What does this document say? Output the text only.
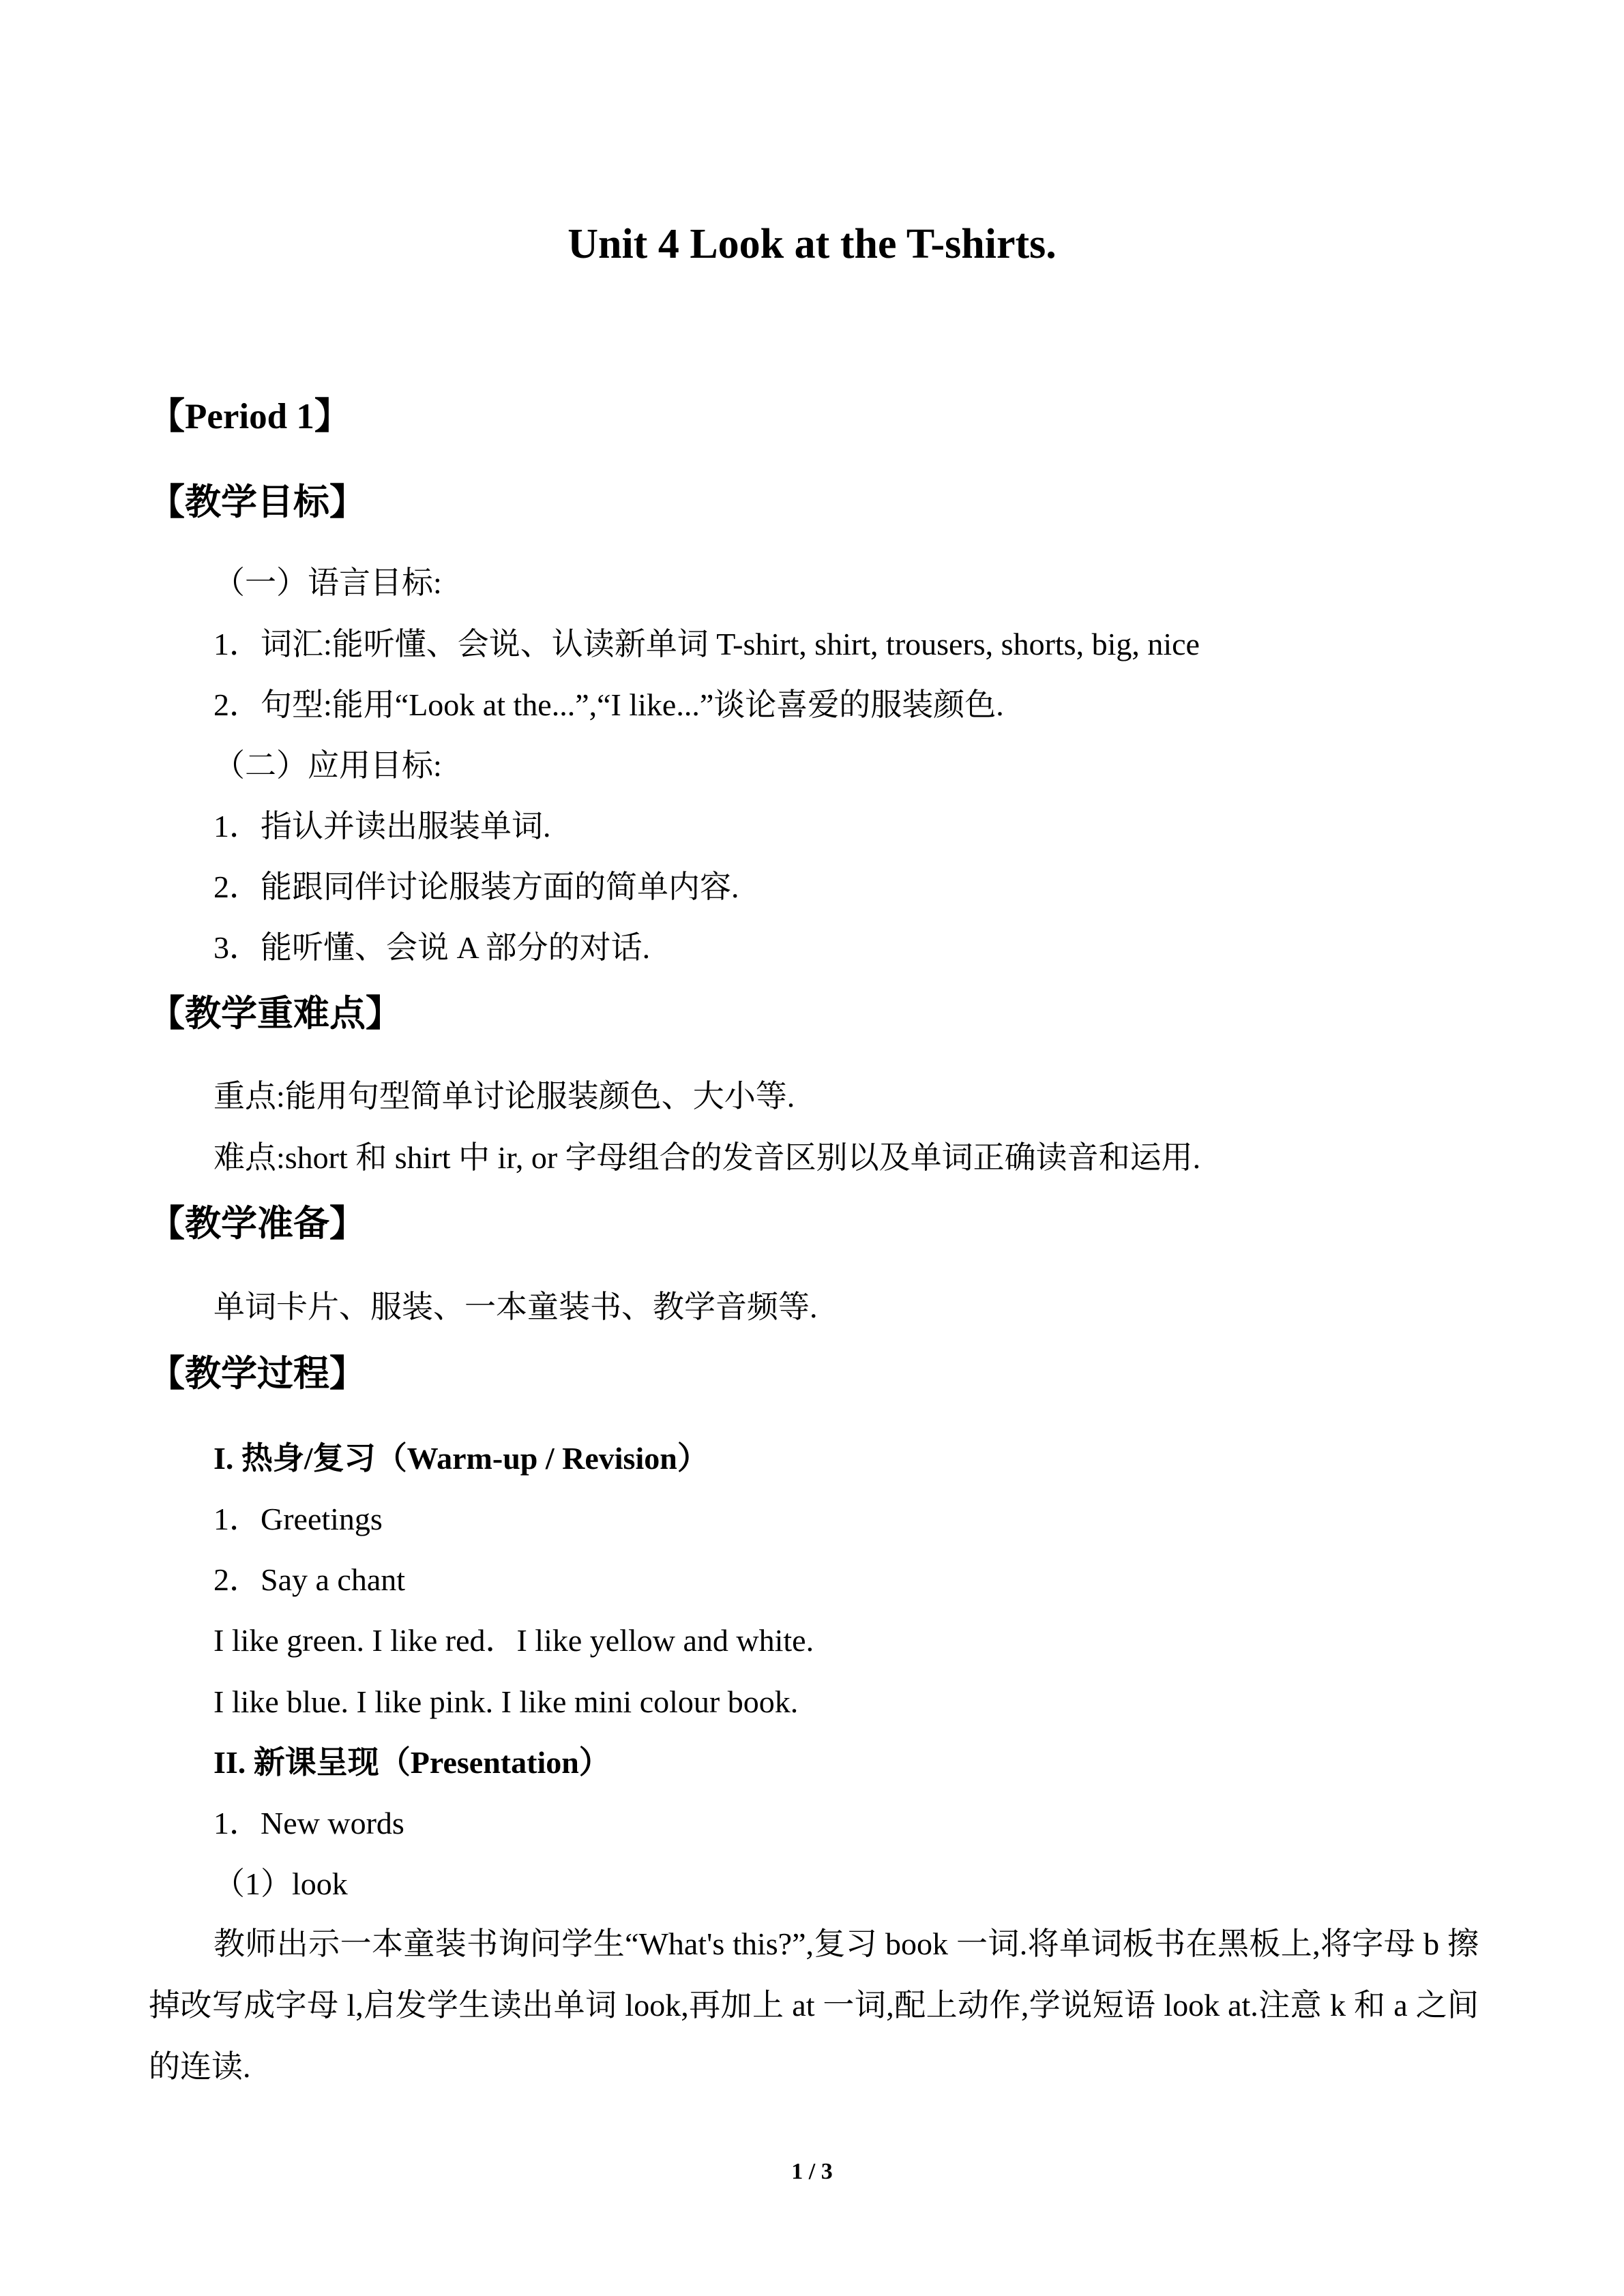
Unit 4 Look at the T-shirts.
【Period 1】
【教学目标】
（一）语言目标:
1．词汇:能听懂、会说、认读新单词 T-shirt, shirt, trousers, shorts, big, nice
2．句型:能用“Look at the...”,“I like...”谈论喜爱的服装颜色.
（二）应用目标:
1．指认并读出服装单词.
2．能跟同伴讨论服装方面的简单内容.
3．能听懂、会说 A 部分的对话.
【教学重难点】
重点:能用句型简单讨论服装颜色、大小等.
难点:short 和 shirt 中 ir, or 字母组合的发音区别以及单词正确读音和运用.
【教学准备】
单词卡片、服装、一本童装书、教学音频等.
【教学过程】
I. 热身/复习（Warm-up / Revision）
1．Greetings
2．Say a chant
I like green. I like red．I like yellow and white.
I like blue. I like pink. I like mini colour book.
II. 新课呈现（Presentation）
1．New words
（1）look
教师出示一本童装书询问学生“What's this?”,复习 book 一词.将单词板书在黑板上,将字母 b 擦掉改写成字母 l,启发学生读出单词 look,再加上 at 一词,配上动作,学说短语 look at.注意 k 和 a 之间的连读.
1 / 3
